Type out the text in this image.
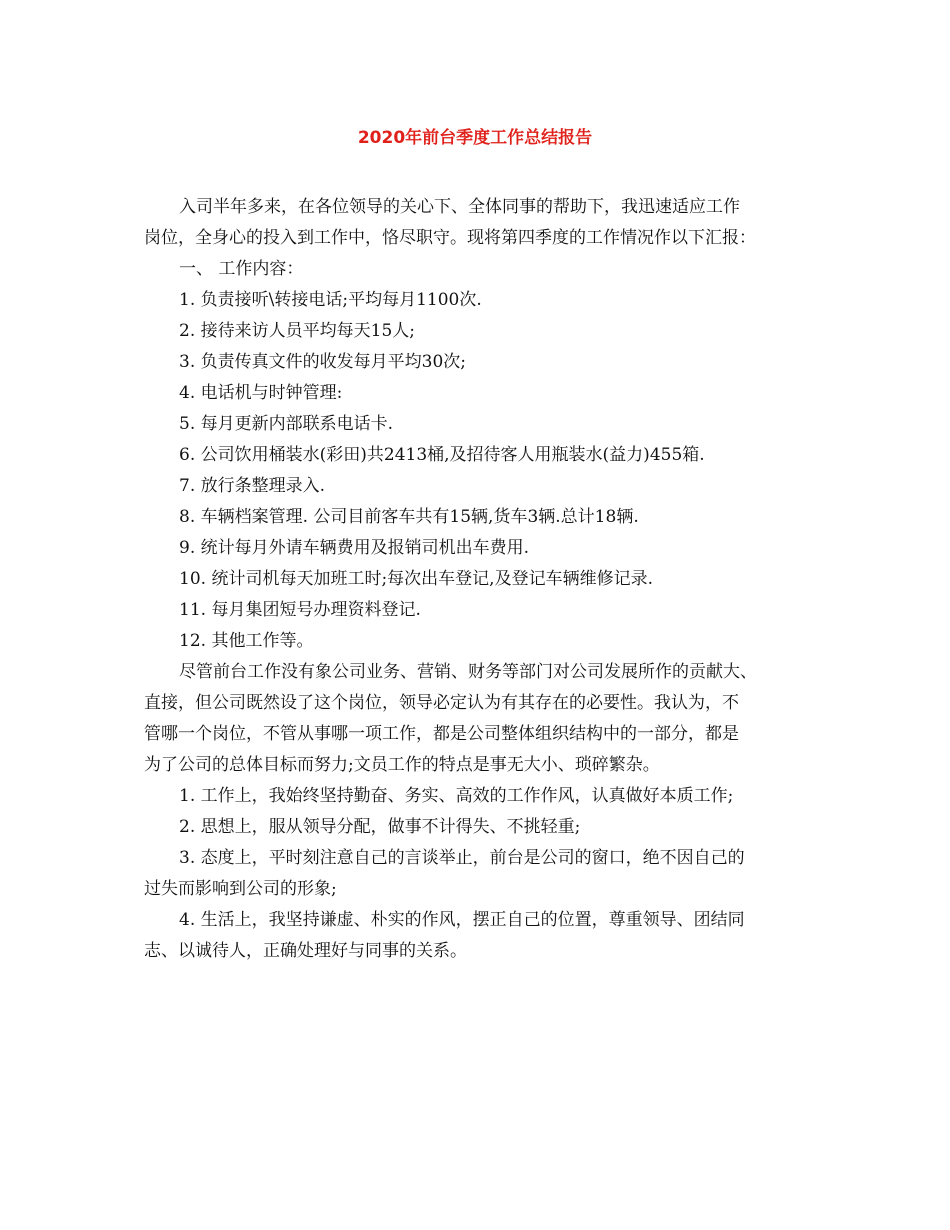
2020年前台季度工作总结报告
入司半年多来，在各位领导的关心下、全体同事的帮助下，我迅速适应工作
岗位，全身心的投入到工作中，恪尽职守。现将第四季度的工作情况作以下汇报：
一、 工作内容：
1. 负责接听\转接电话;平均每月1100次.
2. 接待来访人员平均每天15人;
3. 负责传真文件的收发每月平均30次;
4. 电话机与时钟管理:
5. 每月更新内部联系电话卡.
6. 公司饮用桶装水(彩田)共2413桶,及招待客人用瓶装水(益力)455箱.
7. 放行条整理录入.
8. 车辆档案管理. 公司目前客车共有15辆,货车3辆.总计18辆.
9. 统计每月外请车辆费用及报销司机出车费用.
10. 统计司机每天加班工时;每次出车登记,及登记车辆维修记录.
11. 每月集团短号办理资料登记.
12. 其他工作等。
尽管前台工作没有象公司业务、营销、财务等部门对公司发展所作的贡献大、
直接，但公司既然设了这个岗位，领导必定认为有其存在的必要性。我认为，不
管哪一个岗位，不管从事哪一项工作，都是公司整体组织结构中的一部分，都是
为了公司的总体目标而努力;文员工作的特点是事无大小、琐碎繁杂。
1. 工作上，我始终坚持勤奋、务实、高效的工作作风，认真做好本质工作;
2. 思想上，服从领导分配，做事不计得失、不挑轻重;
3. 态度上，平时刻注意自己的言谈举止，前台是公司的窗口，绝不因自己的
过失而影响到公司的形象;
4. 生活上，我坚持谦虚、朴实的作风，摆正自己的位置，尊重领导、团结同
志、以诚待人，正确处理好与同事的关系。
